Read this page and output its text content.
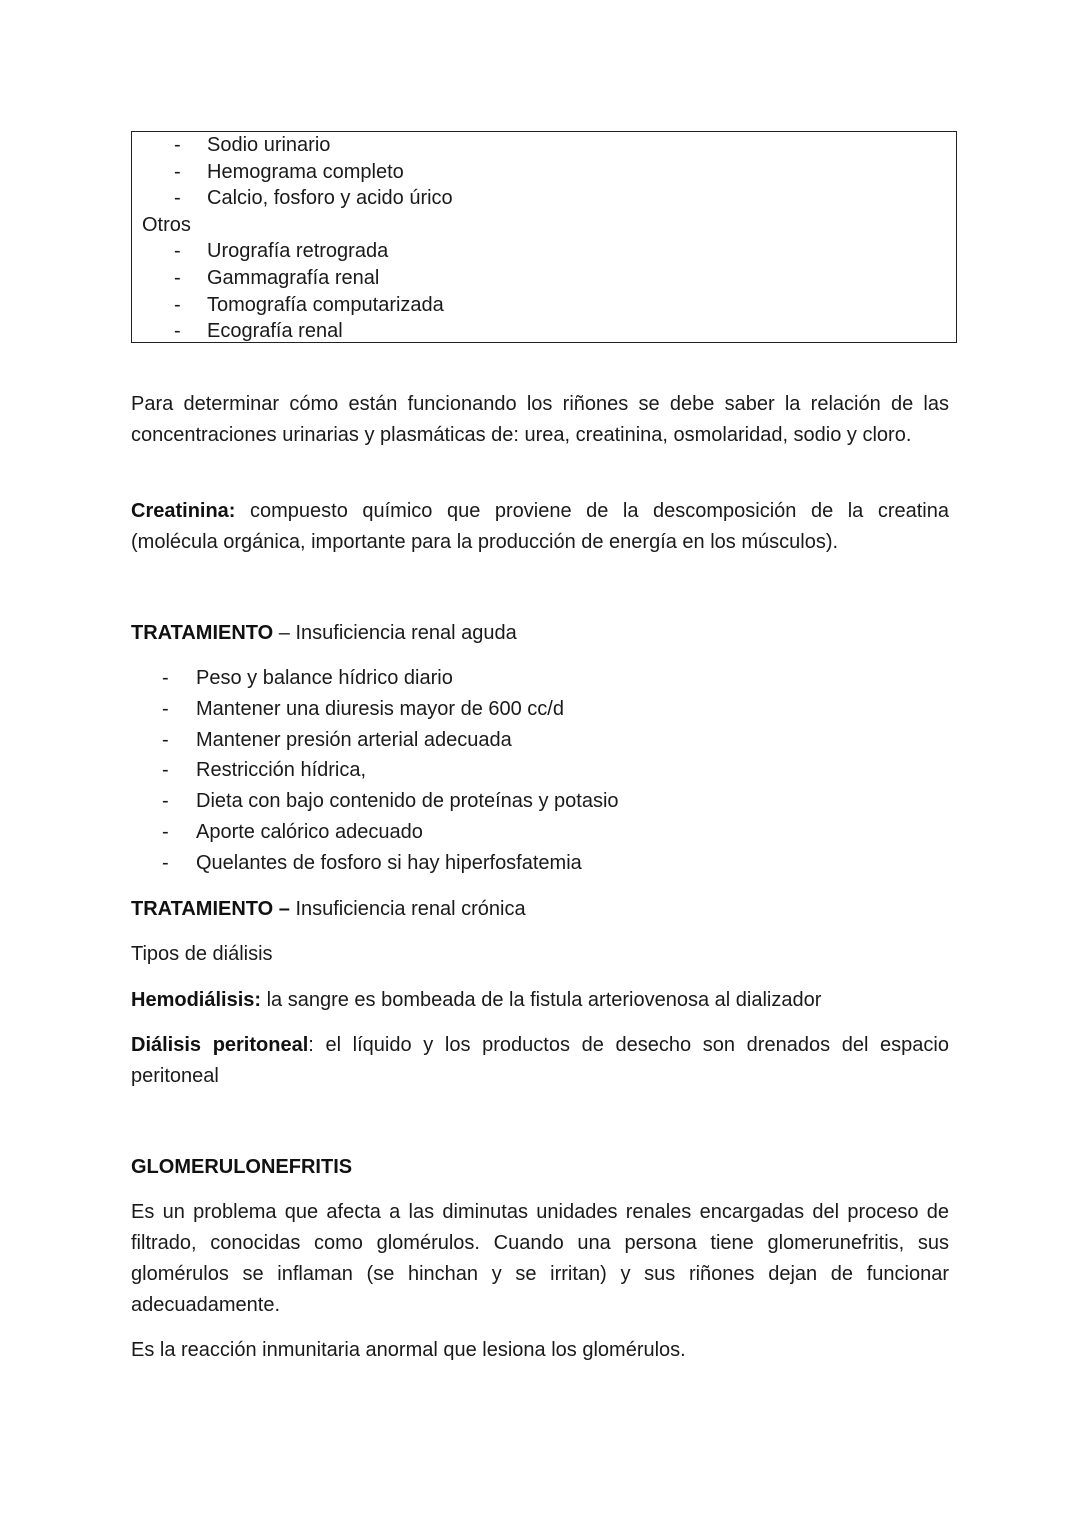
- Sodio urinario
- Hemograma completo
- Calcio, fosforo y acido úrico
Otros
- Urografía retrograda
- Gammagrafía renal
- Tomografía computarizada
- Ecografía renal
Para determinar cómo están funcionando los riñones se debe saber la relación de las concentraciones urinarias y plasmáticas de: urea, creatinina, osmolaridad, sodio y cloro.
Creatinina: compuesto químico que proviene de la descomposición de la creatina (molécula orgánica, importante para la producción de energía en los músculos).
TRATAMIENTO – Insuficiencia renal aguda
- Peso y balance hídrico diario
- Mantener una diuresis mayor de 600 cc/d
- Mantener presión arterial adecuada
- Restricción hídrica,
- Dieta con bajo contenido de proteínas y potasio
- Aporte calórico adecuado
- Quelantes de fosforo si hay hiperfosfatemia
TRATAMIENTO – Insuficiencia renal crónica
Tipos de diálisis
Hemodiálisis: la sangre es bombeada de la fistula arteriovenosa al dializador
Diálisis peritoneal: el líquido y los productos de desecho son drenados del espacio peritoneal
GLOMERULONEFRITIS
Es un problema que afecta a las diminutas unidades renales encargadas del proceso de filtrado, conocidas como glomérulos. Cuando una persona tiene glomerunefritis, sus glomérulos se inflaman (se hinchan y se irritan) y sus riñones dejan de funcionar adecuadamente.
Es la reacción inmunitaria anormal que lesiona los glomérulos.
